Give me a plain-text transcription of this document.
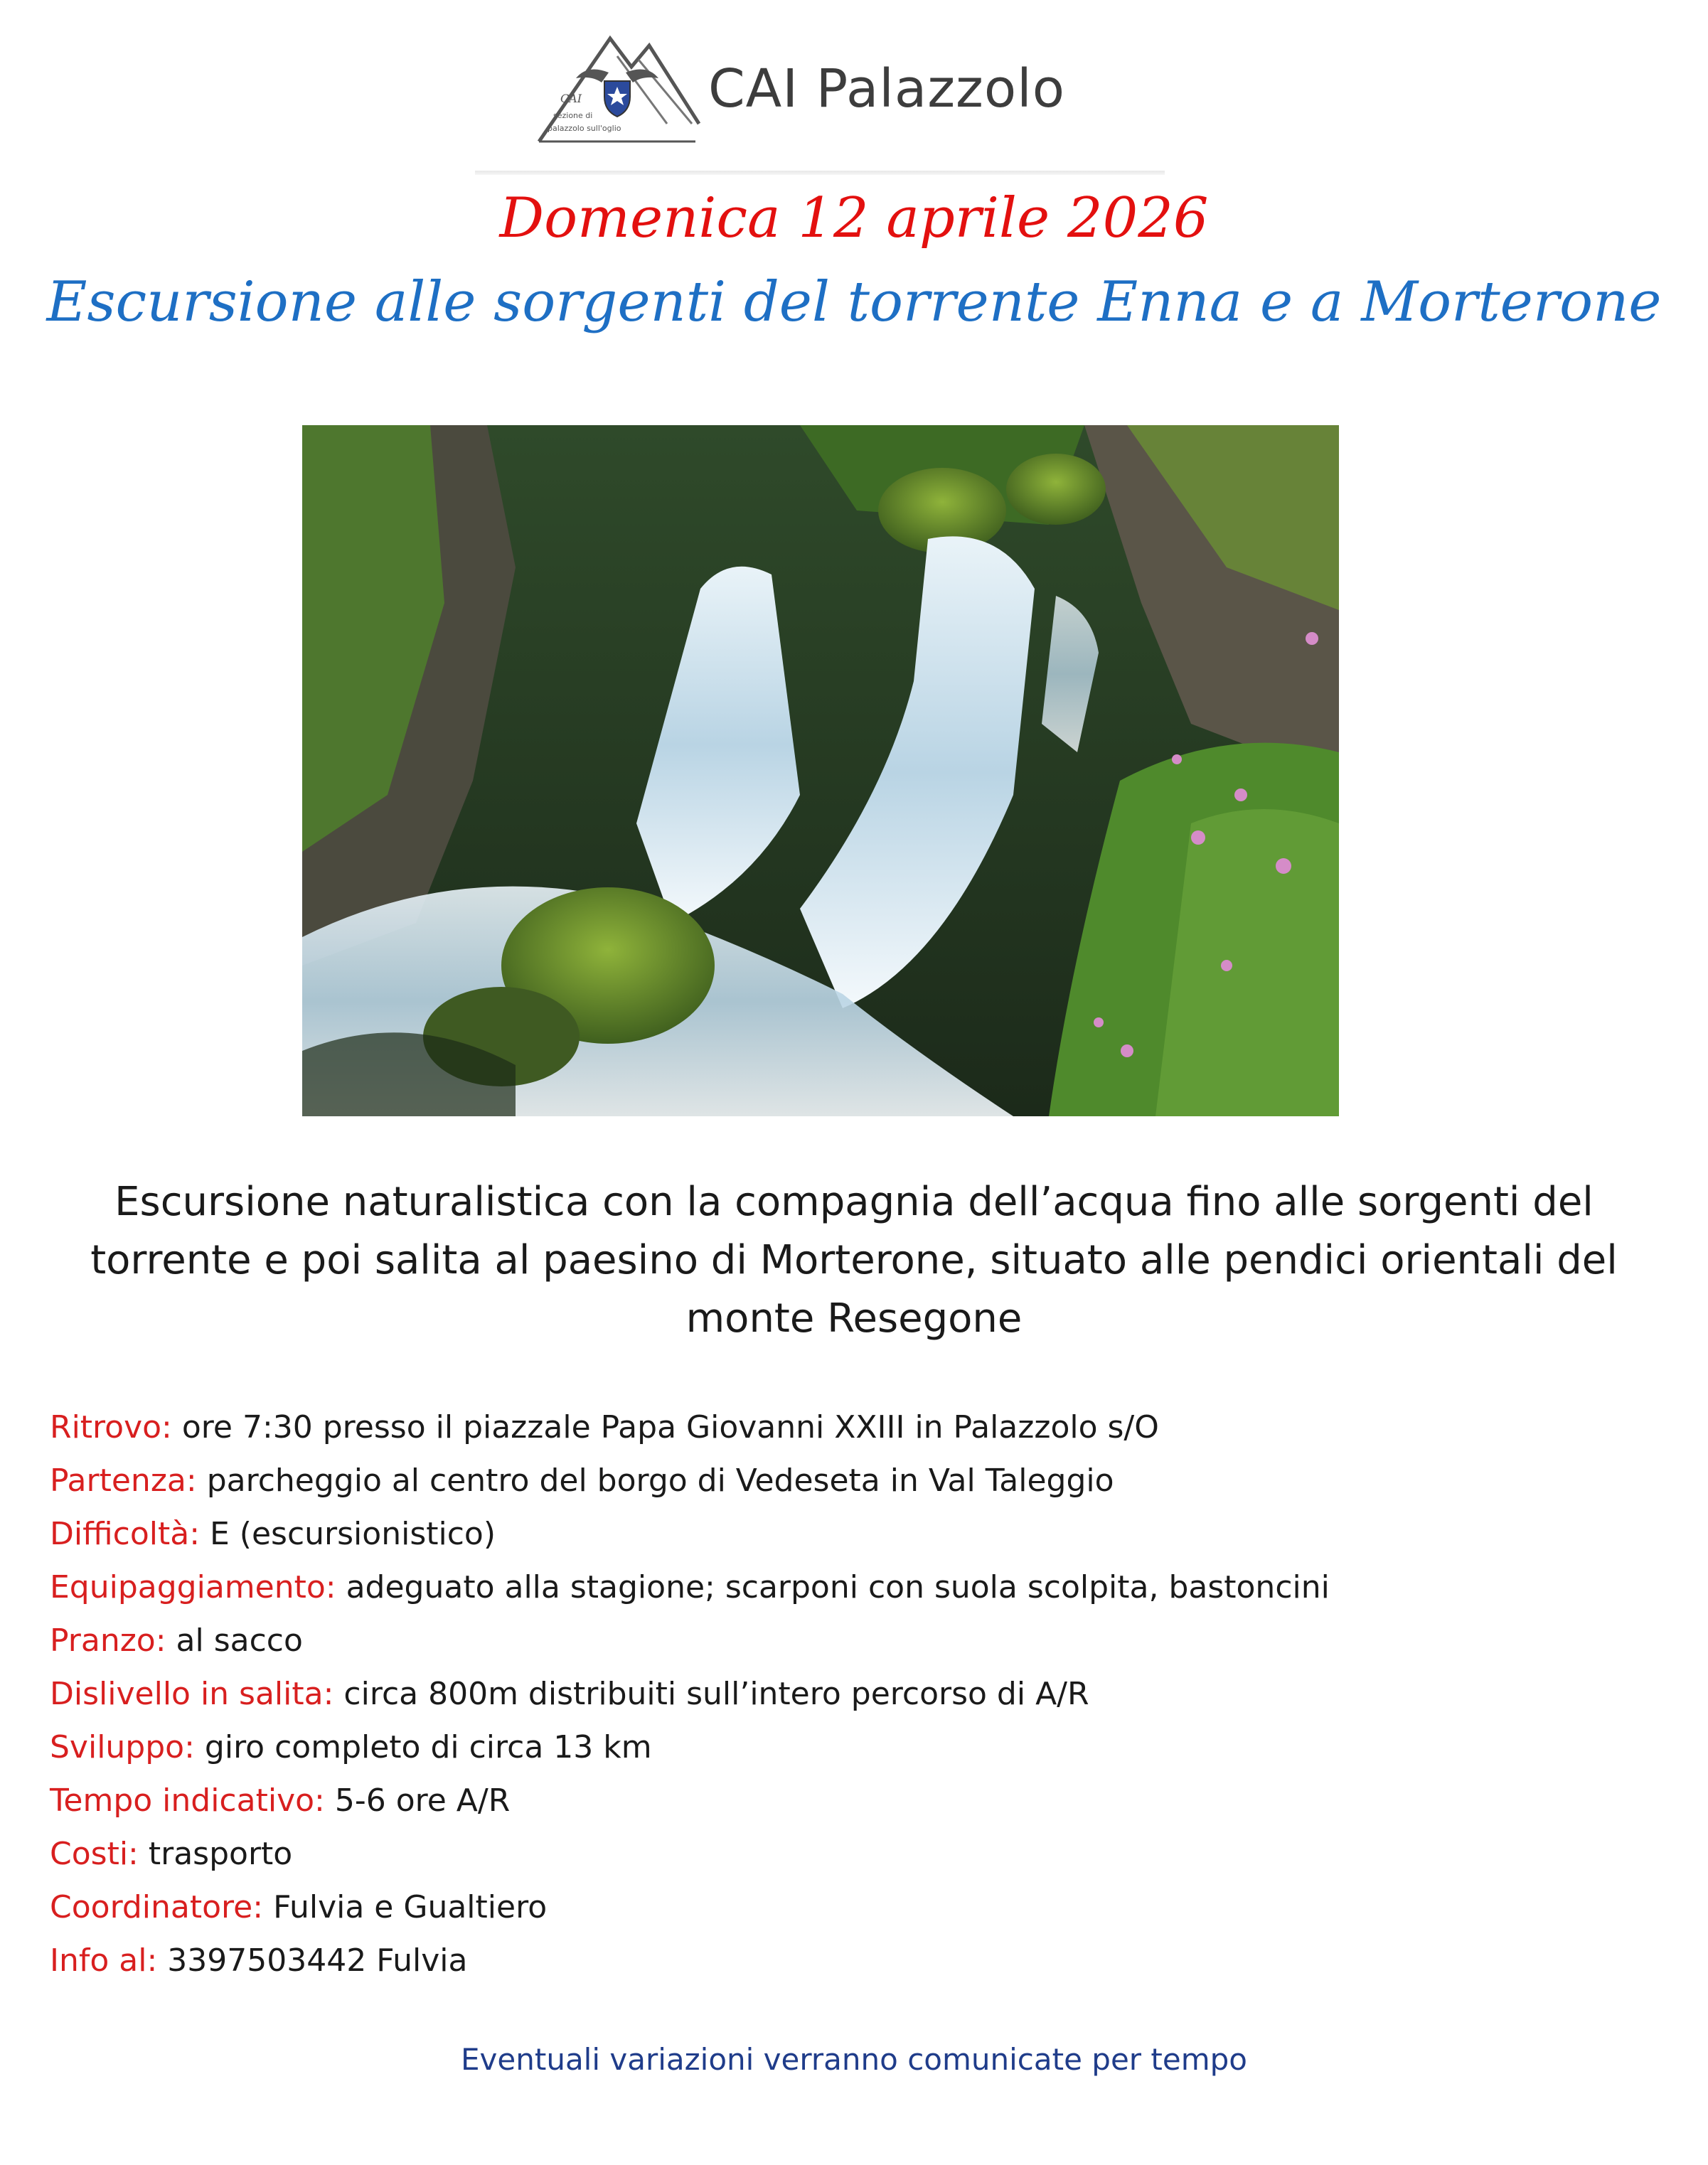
CAI
sezione di
palazzolo sull'oglio
CAI Palazzolo
Domenica 12 aprile 2026
Escursione alle sorgenti del torrente Enna e a Morterone
Escursione naturalistica con la compagnia dell’acqua fino alle sorgenti del torrente e poi salita al paesino di Morterone, situato alle pendici orientali del monte Resegone
Ritrovo: ore 7:30 presso il piazzale Papa Giovanni XXIII in Palazzolo s/O
Partenza: parcheggio al centro del borgo di Vedeseta in Val Taleggio
Difficoltà: E (escursionistico)
Equipaggiamento: adeguato alla stagione; scarponi con suola scolpita, bastoncini
Pranzo: al sacco
Dislivello in salita: circa 800m distribuiti sull’intero percorso di A/R
Sviluppo: giro completo di circa 13 km
Tempo indicativo: 5-6 ore A/R
Costi: trasporto
Coordinatore: Fulvia e Gualtiero
Info al: 3397503442 Fulvia
Eventuali variazioni verranno comunicate per tempo
